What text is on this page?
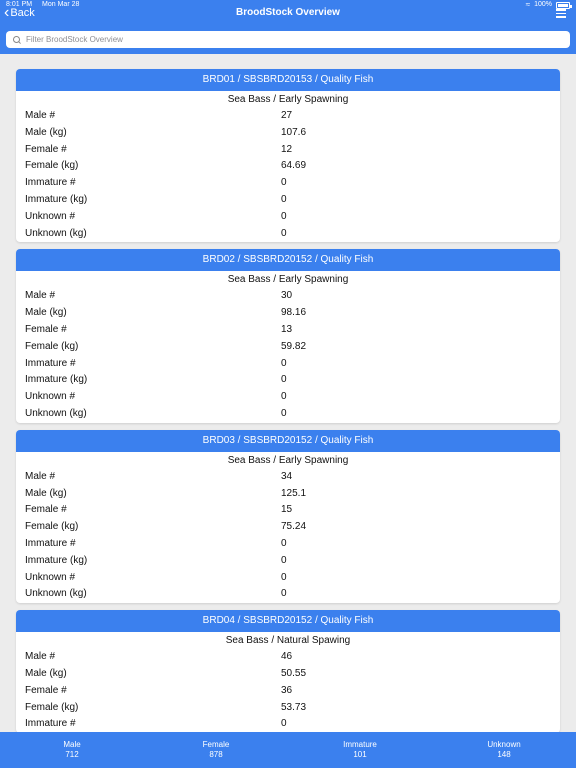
8:01 PM Mon Mar 28	≈ 100%
‹ Back	BroodStock Overview
Filter BroodStock Overview
BRD01 / SBSBRD20153 / Quality Fish
Sea Bass / Early Spawning
Male #	27
Male (kg)	107.6
Female #	12
Female (kg)	64.69
Immature #	0
Immature (kg)	0
Unknown #	0
Unknown (kg)	0
BRD02 / SBSBRD20152 / Quality Fish
Sea Bass / Early Spawning
Male #	30
Male (kg)	98.16
Female #	13
Female (kg)	59.82
Immature #	0
Immature (kg)	0
Unknown #	0
Unknown (kg)	0
BRD03 / SBSBRD20152 / Quality Fish
Sea Bass / Early Spawning
Male #	34
Male (kg)	125.1
Female #	15
Female (kg)	75.24
Immature #	0
Immature (kg)	0
Unknown #	0
Unknown (kg)	0
BRD04 / SBSBRD20152 / Quality Fish
Sea Bass / Natural Spawing
Male #	46
Male (kg)	50.55
Female #	36
Female (kg)	53.73
Immature #	0
Male
712
Female
878
Immature
101
Unknown
148
